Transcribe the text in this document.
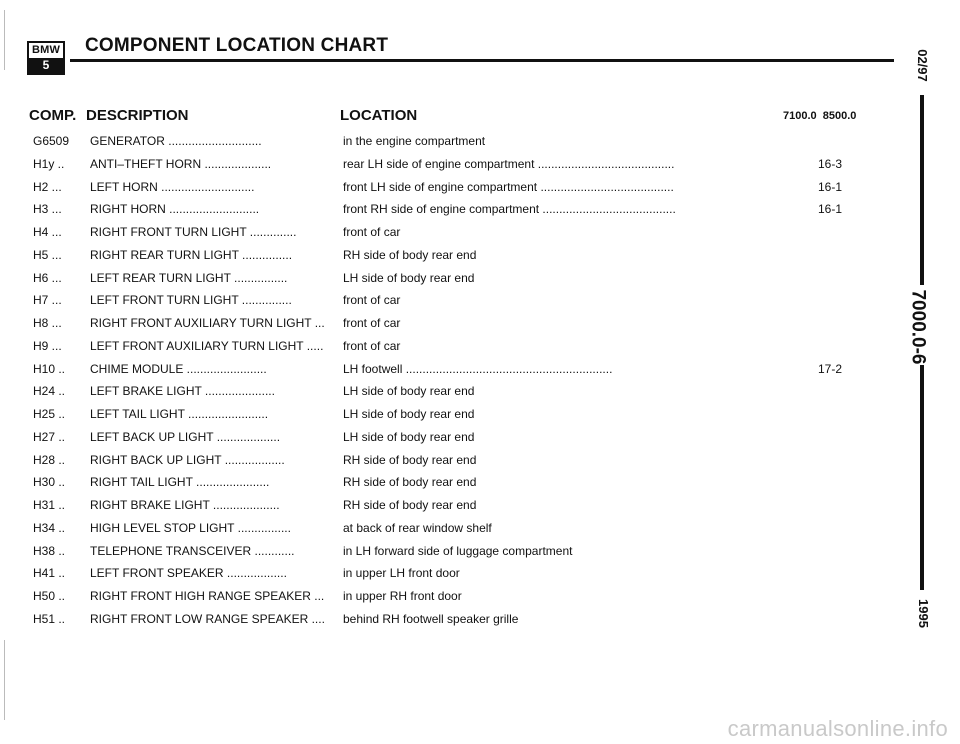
BMW
5
COMPONENT LOCATION CHART
COMP. DESCRIPTION	LOCATION	7100.0  8500.0
G6509 GENERATOR ............................	in the engine compartment
H1y .. ANTI–THEFT HORN ....................	rear LH side of engine compartment .........................................	16-3
H2 ... LEFT HORN ............................	front LH side of engine compartment ........................................	16-1
H3 ... RIGHT HORN ...........................	front RH side of engine compartment ........................................	16-1
H4 ... RIGHT FRONT TURN LIGHT ..............	front of car
H5 ... RIGHT REAR TURN LIGHT ...............	RH side of body rear end
H6 ... LEFT REAR TURN LIGHT ................	LH side of body rear end
H7 ... LEFT FRONT TURN LIGHT ...............	front of car
H8 ... RIGHT FRONT AUXILIARY TURN LIGHT ...	front of car
H9 ... LEFT FRONT AUXILIARY TURN LIGHT .....	front of car
H10 .. CHIME MODULE ........................	LH footwell ..............................................................	17-2
H24 .. LEFT BRAKE LIGHT .....................	LH side of body rear end
H25 .. LEFT TAIL LIGHT ........................	LH side of body rear end
H27 .. LEFT BACK UP LIGHT ...................	LH side of body rear end
H28 .. RIGHT BACK UP LIGHT ..................	RH side of body rear end
H30 .. RIGHT TAIL LIGHT ......................	RH side of body rear end
H31 .. RIGHT BRAKE LIGHT ....................	RH side of body rear end
H34 .. HIGH LEVEL STOP LIGHT ................	at back of rear window shelf
H38 .. TELEPHONE TRANSCEIVER ............	in LH forward side of luggage compartment
H41 .. LEFT FRONT SPEAKER ..................	in upper LH front door
H50 .. RIGHT FRONT HIGH RANGE SPEAKER ...	in upper RH front door
H51 .. RIGHT FRONT LOW RANGE SPEAKER ....	behind RH footwell speaker grille
02/97
7000.0-6
1995
carmanualsonline.info
